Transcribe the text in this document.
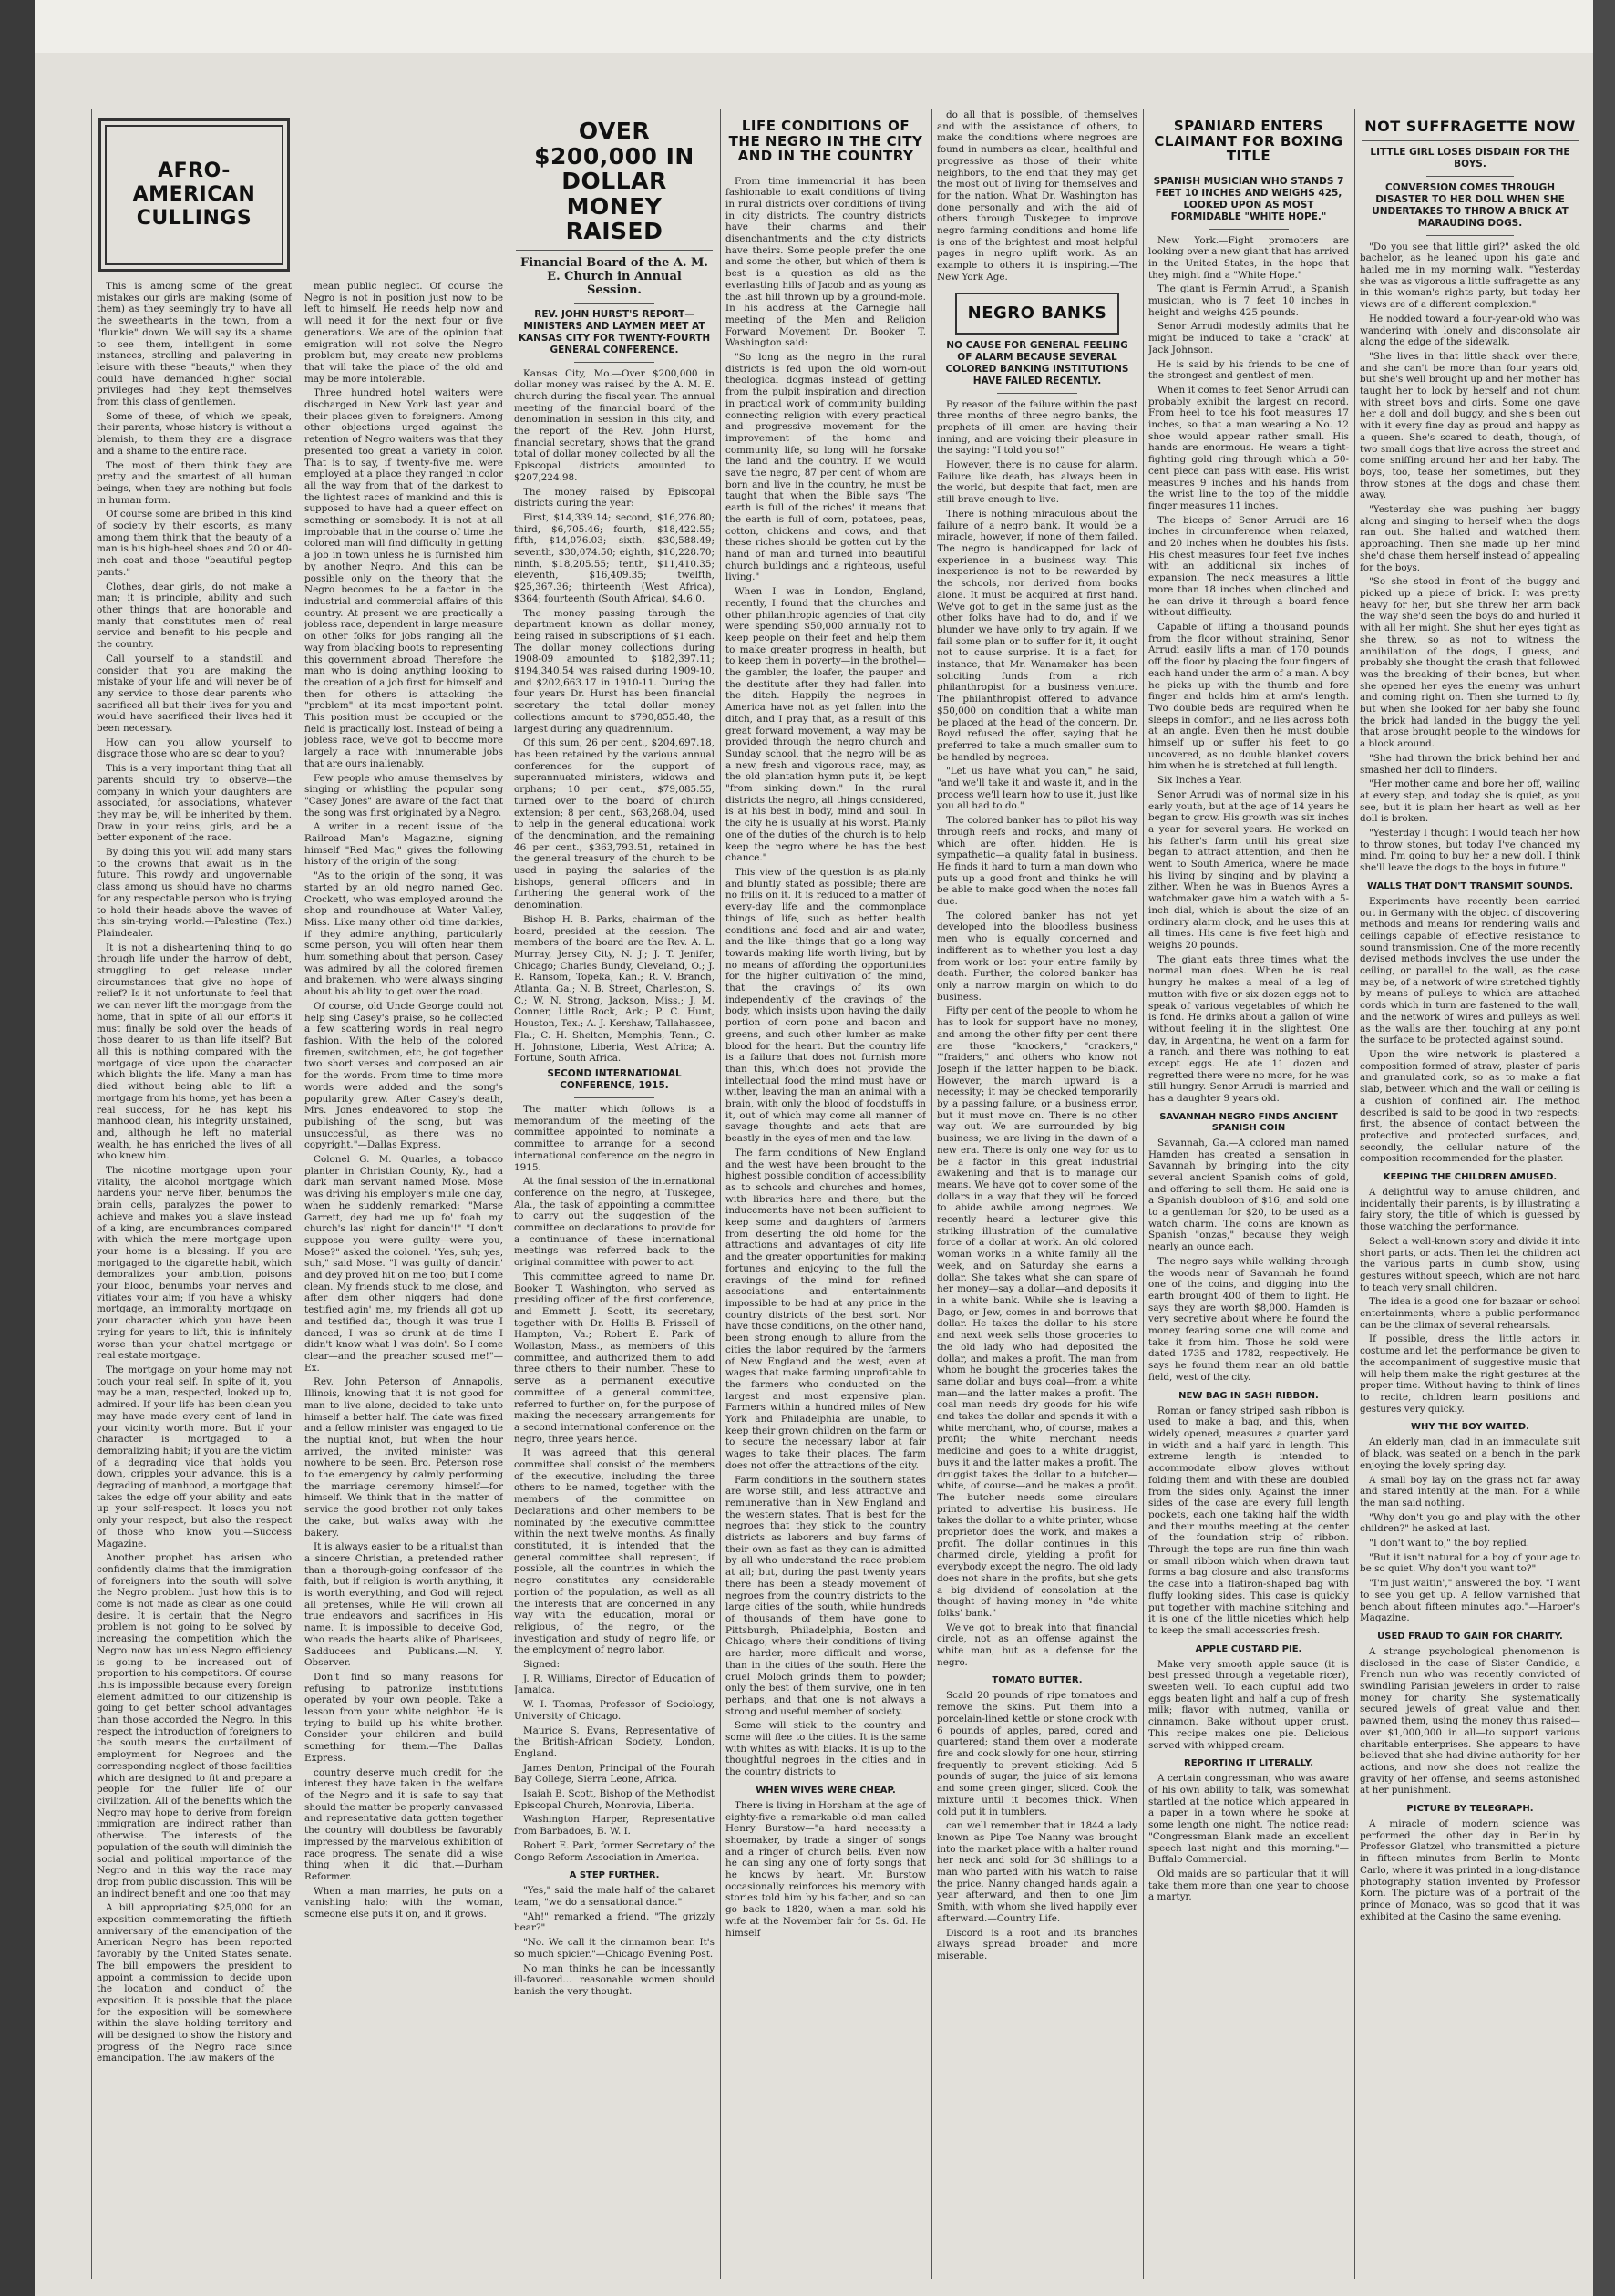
AFRO-AMERICAN CULLINGS

This is among some of the great mistakes our girls are making (some of them) as they seemingly try to have all the sweethearts in the town, from a "flunkie" down. We will say its a shame to see them, intelligent in some instances, strolling and palavering in leisure with these "beauts," when they could have demanded higher social privileges had they kept themselves from this class of gentlemen.

Some of these, of which we speak, their parents, whose history is without a blemish, to them they are a disgrace and a shame to the entire race.

The most of them think they are pretty and the smartest of all human beings, when they are nothing but fools in human form.

Of course some are bribed in this kind of society by their escorts, as many among them think that the beauty of a man is his high-heel shoes and 20 or 40-inch coat and those "beautiful pegtop pants."

Clothes, dear girls, do not make a man; it is principle, ability and such other things that are honorable and manly that constitutes men of real service and benefit to his people and the country.

Call yourself to a standstill and consider that you are making the mistake of your life and will never be of any service to those dear parents who sacrificed all but their lives for you and would have sacrificed their lives had it been necessary.

How can you allow yourself to disgrace those who are so dear to you?

This is a very important thing that all parents should try to observe—the company in which your daughters are associated, for associations, whatever they may be, will be inherited by them. Draw in your reins, girls, and be a better exponent of the race.

By doing this you will add many stars to the crowns that await us in the future. This rowdy and ungovernable class among us should have no charms for any respectable person who is trying to hold their heads above the waves of this sin-trying world.—Palestine (Tex.) Plaindealer.

It is not a disheartening thing to go through life under the harrow of debt, struggling to get release under circumstances that give no hope of relief? Is it not unfortunate to feel that we can never lift the mortgage from the home, that in spite of all our efforts it must finally be sold over the heads of those dearer to us than life itself? But all this is nothing compared with the mortgage of vice upon the character which blights the life. Many a man has died without being able to lift a mortgage from his home, yet has been a real success, for he has kept his manhood clean, his integrity unstained, and, although he left no material wealth, he has enriched the lives of all who knew him.

The nicotine mortgage upon your vitality, the alcohol mortgage which hardens your nerve fiber, benumbs the brain cells, paralyzes the power to achieve and makes you a slave instead of a king, are encumbrances compared with which the mere mortgage upon your home is a blessing. If you are mortgaged to the cigarette habit, which demoralizes your ambition, poisons your blood, benumbs your nerves and vitiates your aim; if you have a whisky mortgage, an immorality mortgage on your character which you have been trying for years to lift, this is infinitely worse than your chattel mortgage or real estate mortgage.

The mortgage on your home may not touch your real self. In spite of it, you may be a man, respected, looked up to, admired. If your life has been clean you may have made every cent of land in your vicinity worth more. But if your character is mortgaged to a demoralizing habit; if you are the victim of a degrading vice that holds you down, cripples your advance, this is a degrading of manhood, a mortgage that takes the edge off your ability and eats up your self-respect. It loses you not only your respect, but also the respect of those who know you.—Success Magazine.

Another prophet has arisen who confidently claims that the immigration of foreigners into the south will solve the Negro problem. Just how this is to come is not made as clear as one could desire. It is certain that the Negro problem is not going to be solved by increasing the competition which the Negro now has unless Negro efficiency is going to be increased out of proportion to his competitors. Of course this is impossible because every foreign element admitted to our citizenship is going to get better school advantages than those accorded the Negro. In this respect the introduction of foreigners to the south means the curtailment of employment for Negroes and the corresponding neglect of those facilities which are designed to fit and prepare a people for the fuller life of our civilization. All of the benefits which the Negro may hope to derive from foreign immigration are indirect rather than otherwise. The interests of the population of the south will diminish the social and political importance of the Negro and in this way the race may drop from public discussion. This will be an indirect benefit and one too that may

A bill appropriating $25,000 for an exposition commemorating the fiftieth anniversary of the emancipation of the American Negro has been reported favorably by the United States senate. The bill empowers the president to appoint a commission to decide upon the location and conduct of the exposition. It is possible that the place for the exposition will be somewhere within the slave holding territory and will be designed to show the history and progress of the Negro race since emancipation. The law makers of the

mean public neglect. Of course the Negro is not in position just now to be left to himself. He needs help now and will need it for the next four or five generations. We are of the opinion that emigration will not solve the Negro problem but, may create new problems that will take the place of the old and may be more intolerable.

Three hundred hotel waiters were discharged in New York last year and their places given to foreigners. Among other objections urged against the retention of Negro waiters was that they presented too great a variety in color. That is to say, if twenty-five me. were employed at a place they ranged in color all the way from that of the darkest to the lightest races of mankind and this is supposed to have had a queer effect on something or somebody. It is not at all improbable that in the course of time the colored man will find difficulty in getting a job in town unless he is furnished him by another Negro. And this can be possible only on the theory that the Negro becomes to be a factor in the industrial and commercial affairs of this country. At present we are practically a jobless race, dependent in large measure on other folks for jobs ranging all the way from blacking boots to representing this government abroad. Therefore the man who is doing anything looking to the creation of a job first for himself and then for others is attacking the "problem" at its most important point. This position must be occupied or the field is practically lost. Instead of being a jobless race, we've got to become more largely a race with innumerable jobs that are ours inalienably.

Few people who amuse themselves by singing or whistling the popular song "Casey Jones" are aware of the fact that the song was first originated by a Negro.

A writer in a recent issue of the Railroad Man's Magazine, signing himself "Red Mac," gives the following history of the origin of the song:

"As to the origin of the song, it was started by an old negro named Geo. Crockett, who was employed around the shop and roundhouse at Water Valley, Miss. Like many other old time darkies, if they admire anything, particularly some person, you will often hear them hum something about that person. Casey was admired by all the colored firemen and brakemen, who were always singing about his ability to get over the road.

Of course, old Uncle George could not help sing Casey's praise, so he collected a few scattering words in real negro fashion. With the help of the colored firemen, switchmen, etc, he got together two short verses and composed an air for the words. From time to time more words were added and the song's popularity grew. After Casey's death, Mrs. Jones endeavored to stop the publishing of the song, but was unsuccessful, as there was no copyright."—Dallas Express.

Colonel G. M. Quarles, a tobacco planter in Christian County, Ky., had a dark man servant named Mose. Mose was driving his employer's mule one day, when he suddenly remarked: "Marse Garrett, dey had me up fo' foah my church's las' night for dancin'!" "I don't suppose you were guilty—were you, Mose?" asked the colonel. "Yes, suh; yes, suh," said Mose. "I was guilty of dancin' and dey proved hit on me too; but I come clean. My friends stuck to me close, and after dem other niggers had done testified agin' me, my friends all got up and testified dat, though it was true I danced, I was so drunk at de time I didn't know what I was doin'. So I come clear—and the preacher scused me!"—Ex.

Rev. John Peterson of Annapolis, Illinois, knowing that it is not good for man to live alone, decided to take unto himself a better half. The date was fixed and a fellow minister was engaged to tie the nuptial knot, but when the hour arrived, the invited minister was nowhere to be seen. Bro. Peterson rose to the emergency by calmly performing the marriage ceremony himself—for himself. We think that in the matter of service the good brother not only takes the cake, but walks away with the bakery.

It is always easier to be a ritualist than a sincere Christian, a pretended rather than a thorough-going confessor of the faith, but if religion is worth anything, it is worth everything, and God will reject all pretenses, while He will crown all true endeavors and sacrifices in His name. It is impossible to deceive God, who reads the hearts alike of Pharisees, Sadducees and Publicans.—N. Y. Observer.

Don't find so many reasons for refusing to patronize institutions operated by your own people. Take a lesson from your white neighbor. He is trying to build up his white brother. Consider your children and build something for them.—The Dallas Express.

country deserve much credit for the interest they have taken in the welfare of the Negro and it is safe to say that should the matter be properly canvassed and representative data gotten together the country will doubtless be favorably impressed by the marvelous exhibition of race progress. The senate did a wise thing when it did that.—Durham Reformer.

When a man marries, he puts on a vanishing halo; with the woman, someone else puts it on, and it grows.

OVER $200,000 IN DOLLAR MONEY RAISED
Financial Board of the A. M. E. Church in Annual Session.
REV. JOHN HURST'S REPORT—MINISTERS AND LAYMEN MEET AT KANSAS CITY FOR TWENTY-FOURTH GENERAL CONFERENCE.

Kansas City, Mo.—Over $200,000 in dollar money was raised by the A. M. E. church during the fiscal year. The annual meeting of the financial board of the denomination in session in this city, and the report of the Rev. John Hurst, financial secretary, shows that the grand total of dollar money collected by all the Episcopal districts amounted to $207,224.98.

The money raised by Episcopal districts during the year:

First, $14,339.14; second, $16,276.80; third, $6,705.46; fourth, $18,422.55; fifth, $14,076.03; sixth, $30,588.49; seventh, $30,074.50; eighth, $16,228.70; ninth, $18,205.55; tenth, $11,410.35; eleventh, $16,409.35; twelfth, $25,367.36; thirteenth (West Africa), $364; fourteenth (South Africa), $4.6.0.

The money passing through the department known as dollar money, being raised in subscriptions of $1 each. The dollar money collections during 1908-09 amounted to $182,397.11; $194,340.54 was raised during 1909-10, and $202,663.17 in 1910-11. During the four years Dr. Hurst has been financial secretary the total dollar money collections amount to $790,855.48, the largest during any quadrennium.

Of this sum, 26 per cent., $204,697.18, has been retained by the various annual conferences for the support of superannuated ministers, widows and orphans; 10 per cent., $79,085.55, turned over to the board of church extension; 8 per cent., $63,268.04, used to help in the general educational work of the denomination, and the remaining 46 per cent., $363,793.51, retained in the general treasury of the church to be used in paying the salaries of the bishops, general officers and in furthering the general work of the denomination.

Bishop H. B. Parks, chairman of the board, presided at the session. The members of the board are the Rev. A. L. Murray, Jersey City, N. J.; J. T. Jenifer, Chicago; Charles Bundy, Cleveland, O.; J. R. Ransom, Topeka, Kan.; R. V. Branch, Atlanta, Ga.; N. B. Street, Charleston, S. C.; W. N. Strong, Jackson, Miss.; J. M. Conner, Little Rock, Ark.; P. C. Hunt, Houston, Tex.; A. J. Kershaw, Tallahassee, Fla.; C. H. Shelton, Memphis, Tenn.; C. H. Johnstone, Liberia, West Africa; A. Fortune, South Africa.

SECOND INTERNATIONAL CONFERENCE, 1915.

The matter which follows is a memorandum of the meeting of the committee appointed to nominate a committee to arrange for a second international conference on the negro in 1915.

At the final session of the international conference on the negro, at Tuskegee, Ala., the task of appointing a committee to carry out the suggestion of the committee on declarations to provide for a continuance of these international meetings was referred back to the original committee with power to act.

This committee agreed to name Dr. Booker T. Washington, who served as presiding officer of the first conference, and Emmett J. Scott, its secretary, together with Dr. Hollis B. Frissell of Hampton, Va.; Robert E. Park of Wollaston, Mass., as members of this committee, and authorized them to add three others to their number. These to serve as a permanent executive committee of a general committee, referred to further on, for the purpose of making the necessary arrangements for a second international conference on the negro, three years hence.

It was agreed that this general committee shall consist of the members of the executive, including the three others to be named, together with the members of the committee on Declarations and other members to be nominated by the executive committee within the next twelve months. As finally constituted, it is intended that the general committee shall represent, if possible, all the countries in which the negro constitutes any considerable portion of the population, as well as all the interests that are concerned in any way with the education, moral or religious, of the negro, or the investigation and study of negro life, or the employment of negro labor.

Signed:

J. R. Williams, Director of Education of Jamaica.

W. I. Thomas, Professor of Sociology, University of Chicago.

Maurice S. Evans, Representative of the British-African Society, London, England.

James Denton, Principal of the Fourah Bay College, Sierra Leone, Africa.

Isaiah B. Scott, Bishop of the Methodist Episcopal Church, Monrovia, Liberia.

Washington Harper, Representative from Barbadoes, B. W. I.

Robert E. Park, former Secretary of the Congo Reform Association in America.

A STEP FURTHER.

"Yes," said the male half of the cabaret team, "we do a sensational dance."

"Ah!" remarked a friend. "The grizzly bear?"

"No. We call it the cinnamon bear. It's so much spicier."—Chicago Evening Post.

No man thinks he can be incessantly ill-favored... reasonable women should banish the very thought.

LIFE CONDITIONS OF THE NEGRO IN THE CITY AND IN THE COUNTRY

From time immemorial it has been fashionable to exalt conditions of living in rural districts over conditions of living in city districts. The country districts have their charms and their disenchantments and the city districts have theirs. Some people prefer the one and some the other, but which of them is best is a question as old as the everlasting hills of Jacob and as young as the last hill thrown up by a ground-mole. In his address at the Carnegie hall meeting of the Men and Religion Forward Movement Dr. Booker T. Washington said:

"So long as the negro in the rural districts is fed upon the old worn-out theological dogmas instead of getting from the pulpit inspiration and direction in practical work of community building connecting religion with every practical and progressive movement for the improvement of the home and community life, so long will he forsake the land and the country. If we would save the negro, 87 per cent of whom are born and live in the country, he must be taught that when the Bible says 'The earth is full of the riches' it means that the earth is full of corn, potatoes, peas, cotton, chickens and cows, and that these riches should be gotten out by the hand of man and turned into beautiful church buildings and a righteous, useful living."

When I was in London, England, recently, I found that the churches and other philanthropic agencies of that city were spending $50,000 annually not to keep people on their feet and help them to make greater progress in health, but to keep them in poverty—in the brothel—the gambler, the loafer, the pauper and the destitute after they had fallen into the ditch. Happily the negroes in America have not as yet fallen into the ditch, and I pray that, as a result of this great forward movement, a way may be provided through the negro church and Sunday school, that the negro will be as a new, fresh and vigorous race, may, as the old plantation hymn puts it, be kept "from sinking down." In the rural districts the negro, all things considered, is at his best in body, mind and soul. In the city he is usually at his worst. Plainly one of the duties of the church is to help keep the negro where he has the best chance."

This view of the question is as plainly and bluntly stated as possible; there are no frills on it. It is reduced to a matter of every-day life and the commonplace things of life, such as better health conditions and food and air and water, and the like—things that go a long way towards making life worth living, but by no means of affording the opportunities for the higher cultivation of the mind, that the cravings of its own independently of the cravings of the body, which insists upon having the daily portion of corn pone and bacon and greens, and such other lumber as make blood for the heart. But the country life is a failure that does not furnish more than this, which does not provide the intellectual food the mind must have or wither, leaving the man an animal with a brain, with only the blood of foodstuffs in it, out of which may come all manner of savage thoughts and acts that are beastly in the eyes of men and the law.

The farm conditions of New England and the west have been brought to the highest possible condition of accessibility as to schools and churches and homes, with libraries here and there, but the inducements have not been sufficient to keep some and daughters of farmers from deserting the old home for the attractions and advantages of city life and the greater opportunities for making fortunes and enjoying to the full the cravings of the mind for refined associations and entertainments impossible to be had at any price in the country districts of the best sort. Nor have those conditions, on the other hand, been strong enough to allure from the cities the labor required by the farmers of New England and the west, even at wages that make farming unprofitable to the farmers who conducted on the largest and most expensive plan. Farmers within a hundred miles of New York and Philadelphia are unable, to keep their grown children on the farm or to secure the necessary labor at fair wages to take their places. The farm does not offer the attractions of the city.

Farm conditions in the southern states are worse still, and less attractive and remunerative than in New England and the western states. That is best for the negroes that they stick to the country districts as laborers and buy farms of their own as fast as they can is admitted by all who understand the race problem at all; but, during the past twenty years there has been a steady movement of negroes from the country districts to the large cities of the south, while hundreds of thousands of them have gone to Pittsburgh, Philadelphia, Boston and Chicago, where their conditions of living are harder, more difficult and worse, than in the cities of the south. Here the cruel Moloch grinds them to powder; only the best of them survive, one in ten perhaps, and that one is not always a strong and useful member of society.

Some will stick to the country and some will flee to the cities. It is the same with whites as with blacks. It is up to the thoughtful negroes in the cities and in the country districts to

WHEN WIVES WERE CHEAP.

There is living in Horsham at the age of eighty-five a remarkable old man called Henry Burstow—"a hard necessity a shoemaker, by trade a singer of songs and a ringer of church bells. Even now he can sing any one of forty songs that he knows by heart. Mr. Burstow occasionally reinforces his memory with stories told him by his father, and so can go back to 1820, when a man sold his wife at the November fair for 5s. 6d. He himself

do all that is possible, of themselves and with the assistance of others, to make the conditions where negroes are found in numbers as clean, healthful and progressive as those of their white neighbors, to the end that they may get the most out of living for themselves and for the nation. What Dr. Washington has done personally and with the aid of others through Tuskegee to improve negro farming conditions and home life is one of the brightest and most helpful pages in negro uplift work. As an example to others it is inspiring.—The New York Age.

NEGRO BANKS
NO CAUSE FOR GENERAL FEELING OF ALARM BECAUSE SEVERAL COLORED BANKING INSTITUTIONS HAVE FAILED RECENTLY.

By reason of the failure within the past three months of three negro banks, the prophets of ill omen are having their inning, and are voicing their pleasure in the saying: "I told you so!"

However, there is no cause for alarm. Failure, like death, has always been in the world, but despite that fact, men are still brave enough to live.

There is nothing miraculous about the failure of a negro bank. It would be a miracle, however, if none of them failed. The negro is handicapped for lack of experience in a business way. This inexperience is not to be rewarded by the schools, nor derived from books alone. It must be acquired at first hand. We've got to get in the same just as the other folks have had to do, and if we blunder we have only to try again. If we fail some plan or to suffer for it, it ought not to cause surprise. It is a fact, for instance, that Mr. Wanamaker has been soliciting funds from a rich philanthropist for a business venture. The philanthropist offered to advance $50,000 on condition that a white man be placed at the head of the concern. Dr. Boyd refused the offer, saying that he preferred to take a much smaller sum to be handled by negroes.

"Let us have what you can," he said, "and we'll take it and waste it, and in the process we'll learn how to use it, just like you all had to do."

The colored banker has to pilot his way through reefs and rocks, and many of which are often hidden. He is sympathetic—a quality fatal in business. He finds it hard to turn a man down who puts up a good front and thinks he will be able to make good when the notes fall due.

The colored banker has not yet developed into the bloodless business men who is equally concerned and indifferent as to whether you lost a day from work or lost your entire family by death. Further, the colored banker has only a narrow margin on which to do business.

Fifty per cent of the people to whom he has to look for support have no money, and among the other fifty per cent there are those "knockers," "crackers," "'fraiders," and others who know not Joseph if the latter happen to be black. However, the march upward is a necessity; it may be checked temporarily by a passing failure, or a business error, but it must move on. There is no other way out. We are surrounded by big business; we are living in the dawn of a new era. There is only one way for us to be a factor in this great industrial awakening and that is to manage our means. We have got to cover some of the dollars in a way that they will be forced to abide awhile among negroes. We recently heard a lecturer give this striking illustration of the cumulative force of a dollar at work. An old colored woman works in a white family all the week, and on Saturday she earns a dollar. She takes what she can spare of her money—say a dollar—and deposits it in a white bank. While she is leaving a Dago, or Jew, comes in and borrows that dollar. He takes the dollar to his store and next week sells those groceries to the old lady who had deposited the dollar, and makes a profit. The man from whom he bought the groceries takes the same dollar and buys coal—from a white man—and the latter makes a profit. The coal man needs dry goods for his wife and takes the dollar and spends it with a white merchant, who, of course, makes a profit; the white merchant needs medicine and goes to a white druggist, buys it and the latter makes a profit. The druggist takes the dollar to a butcher—white, of course—and he makes a profit. The butcher needs some circulars printed to advertise his business. He takes the dollar to a white printer, whose proprietor does the work, and makes a profit. The dollar continues in this charmed circle, yielding a profit for everybody except the negro. The old lady does not share in the profits, but she gets a big dividend of consolation at the thought of having money in "de white folks' bank."

We've got to break into that financial circle, not as an offense against the white man, but as a defense for the negro.

TOMATO BUTTER.

Scald 20 pounds of ripe tomatoes and remove the skins. Put them into a porcelain-lined kettle or stone crock with 6 pounds of apples, pared, cored and quartered; stand them over a moderate fire and cook slowly for one hour, stirring frequently to prevent sticking. Add 5 pounds of sugar, the juice of six lemons and some green ginger, sliced. Cook the mixture until it becomes thick. When cold put it in tumblers.

can well remember that in 1844 a lady known as Pipe Toe Nanny was brought into the market place with a halter round her neck and sold for 30 shillings to a man who parted with his watch to raise the price. Nanny changed hands again a year afterward, and then to one Jim Smith, with whom she lived happily ever afterward.—Country Life.

Discord is a root and its branches always spread broader and more miserable.

SPANIARD ENTERS CLAIMANT FOR BOXING TITLE
SPANISH MUSICIAN WHO STANDS 7 FEET 10 INCHES AND WEIGHS 425, LOOKED UPON AS MOST FORMIDABLE "WHITE HOPE."

New York.—Fight promoters are looking over a new giant that has arrived in the United States, in the hope that they might find a "White Hope."

The giant is Fermin Arrudi, a Spanish musician, who is 7 feet 10 inches in height and weighs 425 pounds.

Senor Arrudi modestly admits that he might be induced to take a "crack" at Jack Johnson.

He is said by his friends to be one of the strongest and gentlest of men.

When it comes to feet Senor Arrudi can probably exhibit the largest on record. From heel to toe his foot measures 17 inches, so that a man wearing a No. 12 shoe would appear rather small. His hands are enormous. He wears a tight-fighting gold ring through which a 50-cent piece can pass with ease. His wrist measures 9 inches and his hands from the wrist line to the top of the middle finger measures 11 inches.

The biceps of Senor Arrudi are 16 inches in circumference when relaxed, and 20 inches when he doubles his fists. His chest measures four feet five inches with an additional six inches of expansion. The neck measures a little more than 18 inches when clinched and he can drive it through a board fence without difficulty.

Capable of lifting a thousand pounds from the floor without straining, Senor Arrudi easily lifts a man of 170 pounds off the floor by placing the four fingers of each hand under the arm of a man. A boy he picks up with the thumb and fore finger and holds him at arm's length. Two double beds are required when he sleeps in comfort, and he lies across both at an angle. Even then he must double himself up or suffer his feet to go uncovered, as no double blanket covers him when he is stretched at full length.

Six Inches a Year.

Senor Arrudi was of normal size in his early youth, but at the age of 14 years he began to grow. His growth was six inches a year for several years. He worked on his father's farm until his great size began to attract attention, and then he went to South America, where he made his living by singing and by playing a zither. When he was in Buenos Ayres a watchmaker gave him a watch with a 5-inch dial, which is about the size of an ordinary alarm clock, and he uses this at all times. His cane is five feet high and weighs 20 pounds.

The giant eats three times what the normal man does. When he is real hungry he makes a meal of a leg of mutton with five or six dozen eggs not to speak of various vegetables of which he is fond. He drinks about a gallon of wine without feeling it in the slightest. One day, in Argentina, he went on a farm for a ranch, and there was nothing to eat except eggs. He ate 11 dozen and regretted there were no more, for he was still hungry. Senor Arrudi is married and has a daughter 9 years old.

SAVANNAH NEGRO FINDS ANCIENT SPANISH COIN

Savannah, Ga.—A colored man named Hamden has created a sensation in Savannah by bringing into the city several ancient Spanish coins of gold, and offering to sell them. He said one is a Spanish doubloon of $16, and sold one to a gentleman for $20, to be used as a watch charm. The coins are known as Spanish "onzas," because they weigh nearly an ounce each.

The negro says while walking through the woods near of Savannah he found one of the coins, and digging into the earth brought 400 of them to light. He says they are worth $8,000. Hamden is very secretive about where he found the money fearing some one will come and take it from him. Those he sold were dated 1735 and 1782, respectively. He says he found them near an old battle field, west of the city.

NEW BAG IN SASH RIBBON.

Roman or fancy striped sash ribbon is used to make a bag, and this, when widely opened, measures a quarter yard in width and a half yard in length. This extreme length is intended to accommodate elbow gloves without folding them and with these are doubled from the sides only. Against the inner sides of the case are every full length pockets, each one taking half the width and their mouths meeting at the center of the foundation strip of ribbon. Through the tops are run fine thin wash or small ribbon which when drawn taut forms a bag closure and also transforms the case into a flatiron-shaped bag with fluffy looking sides. This case is quickly put together with machine stitching and it is one of the little niceties which help to keep the small accessories fresh.

APPLE CUSTARD PIE.

Make very smooth apple sauce (it is best pressed through a vegetable ricer), sweeten well. To each cupful add two eggs beaten light and half a cup of fresh milk; flavor with nutmeg, vanilla or cinnamon. Bake without upper crust. This recipe makes one pie. Delicious served with whipped cream.

REPORTING IT LITERALLY.

A certain congressman, who was aware of his own ability to talk, was somewhat startled at the notice which appeared in a paper in a town where he spoke at some length one night. The notice read: "Congressman Blank made an excellent speech last night and this morning."—Buffalo Commercial.

Old maids are so particular that it will take them more than one year to choose a martyr.

NOT SUFFRAGETTE NOW
LITTLE GIRL LOSES DISDAIN FOR THE BOYS.
CONVERSION COMES THROUGH DISASTER TO HER DOLL WHEN SHE UNDERTAKES TO THROW A BRICK AT MARAUDING DOGS.

"Do you see that little girl?" asked the old bachelor, as he leaned upon his gate and hailed me in my morning walk. "Yesterday she was as vigorous a little suffragette as any in this woman's rights party, but today her views are of a different complexion."

He nodded toward a four-year-old who was wandering with lonely and disconsolate air along the edge of the sidewalk.

"She lives in that little shack over there, and she can't be more than four years old, but she's well brought up and her mother has taught her to look by herself and not chum with street boys and girls. Some one gave her a doll and doll buggy, and she's been out with it every fine day as proud and happy as a queen. She's scared to death, though, of two small dogs that live across the street and come sniffing around her and her baby. The boys, too, tease her sometimes, but they throw stones at the dogs and chase them away.

"Yesterday she was pushing her buggy along and singing to herself when the dogs ran out. She halted and watched them approaching. Then she made up her mind she'd chase them herself instead of appealing for the boys.

"So she stood in front of the buggy and picked up a piece of brick. It was pretty heavy for her, but she threw her arm back the way she'd seen the boys do and hurled it with all her might. She shut her eyes tight as she threw, so as not to witness the annihilation of the dogs, I guess, and probably she thought the crash that followed was the breaking of their bones, but when she opened her eyes the enemy was unhurt and coming right on. Then she turned to fly, but when she looked for her baby she found the brick had landed in the buggy the yell that arose brought people to the windows for a block around.

"She had thrown the brick behind her and smashed her doll to flinders.

"Her mother came and bore her off, wailing at every step, and today she is quiet, as you see, but it is plain her heart as well as her doll is broken.

"Yesterday I thought I would teach her how to throw stones, but today I've changed my mind. I'm going to buy her a new doll. I think she'll leave the dogs to the boys in future."

WALLS THAT DON'T TRANSMIT SOUNDS.

Experiments have recently been carried out in Germany with the object of discovering methods and means for rendering walls and ceilings capable of effective resistance to sound transmission. One of the more recently devised methods involves the use under the ceiling, or parallel to the wall, as the case may be, of a network of wire stretched tightly by means of pulleys to which are attached cords which in turn are fastened to the wall, and the network of wires and pulleys as well as the walls are then touching at any point the surface to be protected against sound.

Upon the wire network is plastered a composition formed of straw, plaster of paris and granulated cork, so as to make a flat slab, between which and the wall or ceiling is a cushion of confined air. The method described is said to be good in two respects: first, the absence of contact between the protective and protected surfaces, and, secondly, the cellular nature of the composition recommended for the plaster.

KEEPING THE CHILDREN AMUSED.

A delightful way to amuse children, and incidentally their parents, is by illustrating a fairy story, the title of which is guessed by those watching the performance.

Select a well-known story and divide it into short parts, or acts. Then let the children act the various parts in dumb show, using gestures without speech, which are not hard to teach very small children.

The idea is a good one for bazaar or school entertainments, where a public performance can be the climax of several rehearsals.

If possible, dress the little actors in costume and let the performance be given to the accompaniment of suggestive music that will help them make the right gestures at the proper time. Without having to think of lines to recite, children learn positions and gestures very quickly.

WHY THE BOY WAITED.

An elderly man, clad in an immaculate suit of black, was seated on a bench in the park enjoying the lovely spring day.

A small boy lay on the grass not far away and stared intently at the man. For a while the man said nothing.

"Why don't you go and play with the other children?" he asked at last.

"I don't want to," the boy replied.

"But it isn't natural for a boy of your age to be so quiet. Why don't you want to?"

"I'm just waitin'," answered the boy. "I want to see you get up. A fellow varnished that bench about fifteen minutes ago."—Harper's Magazine.

USED FRAUD TO GAIN FOR CHARITY.

A strange psychological phenomenon is disclosed in the case of Sister Candide, a French nun who was recently convicted of swindling Parisian jewelers in order to raise money for charity. She systematically secured jewels of great value and then pawned them, using the money thus raised—over $1,000,000 in all—to support various charitable enterprises. She appears to have believed that she had divine authority for her actions, and now she does not realize the gravity of her offense, and seems astonished at her punishment.

PICTURE BY TELEGRAPH.

A miracle of modern science was performed the other day in Berlin by Professor Glatzel, who transmitted a picture in fifteen minutes from Berlin to Monte Carlo, where it was printed in a long-distance photography station invented by Professor Korn. The picture was of a portrait of the prince of Monaco, was so good that it was exhibited at the Casino the same evening.
